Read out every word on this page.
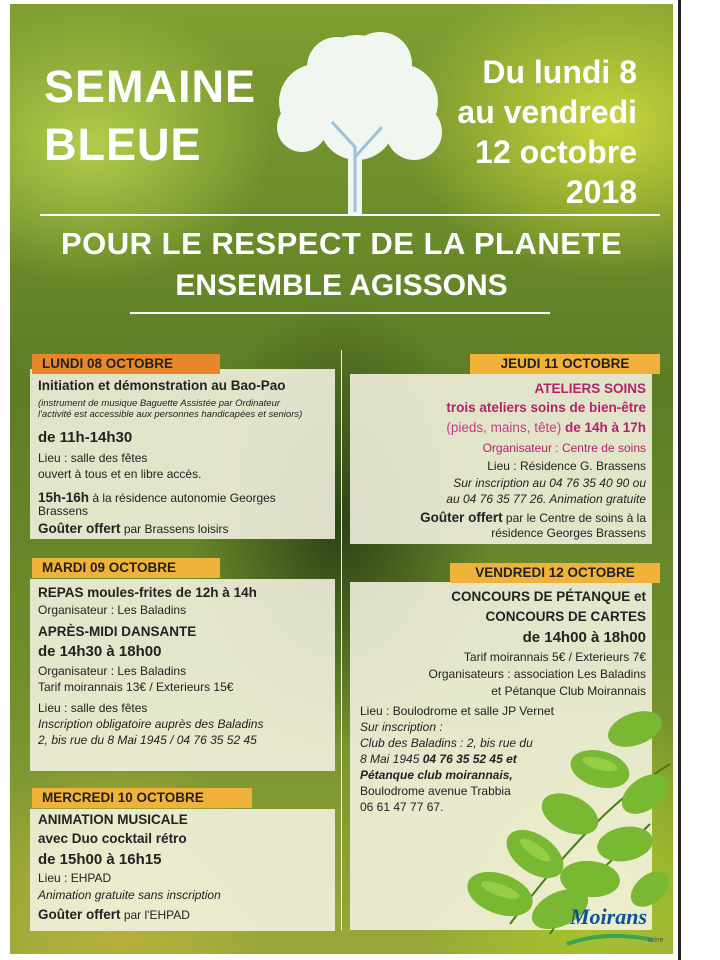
SEMAINE
BLEUE
Du lundi 8
au vendredi
12 octobre
2018
POUR LE RESPECT DE LA PLANETE
ENSEMBLE AGISSONS
LUNDI 08 OCTOBRE
Initiation et démonstration au Bao-Pao
(instrument de musique Baguette Assistée par Ordinateur
l'activité est accessible aux personnes handicapées et seniors)
de 11h-14h30
Lieu : salle des fêtes
ouvert à tous et en libre accès.
15h-16h à la résidence autonomie Georges
Brassens
Goûter offert par Brassens loisirs
MARDI 09 OCTOBRE
REPAS moules-frites de 12h à 14h
Organisateur : Les Baladins
APRÈS-MIDI DANSANTE
de 14h30 à 18h00
Organisateur : Les Baladins
Tarif moirannais 13€ / Exterieurs 15€
Lieu : salle des fêtes
Inscription obligatoire auprès des Baladins
2, bis rue du 8 Mai 1945 / 04 76 35 52 45
MERCREDI 10 OCTOBRE
ANIMATION MUSICALE
avec Duo cocktail rétro
de 15h00 à 16h15
Lieu : EHPAD
Animation gratuite sans inscription
Goûter offert par l'EHPAD
JEUDI 11 OCTOBRE
ATELIERS SOINS
trois ateliers soins de bien-être
(pieds, mains, tête) de 14h à 17h
Organisateur : Centre de soins
Lieu : Résidence G. Brassens
Sur inscription au 04 76 35 40 90 ou
au 04 76 35 77 26. Animation gratuite
Goûter offert par le Centre de soins à la
résidence Georges Brassens
VENDREDI 12 OCTOBRE
CONCOURS DE PÉTANQUE et
CONCOURS DE CARTES
de 14h00 à 18h00
Tarif moirannais 5€ / Exterieurs 7€
Organisateurs : association Les Baladins
et Pétanque Club Moirannais
Lieu : Boulodrome et salle JP Vernet
Sur inscription :
Club des Baladins : 2, bis rue du
8 Mai 1945 04 76 35 52 45 et
Pétanque club moirannais,
Boulodrome avenue Trabbia
06 61 47 77 67.
Moirans
Isère
